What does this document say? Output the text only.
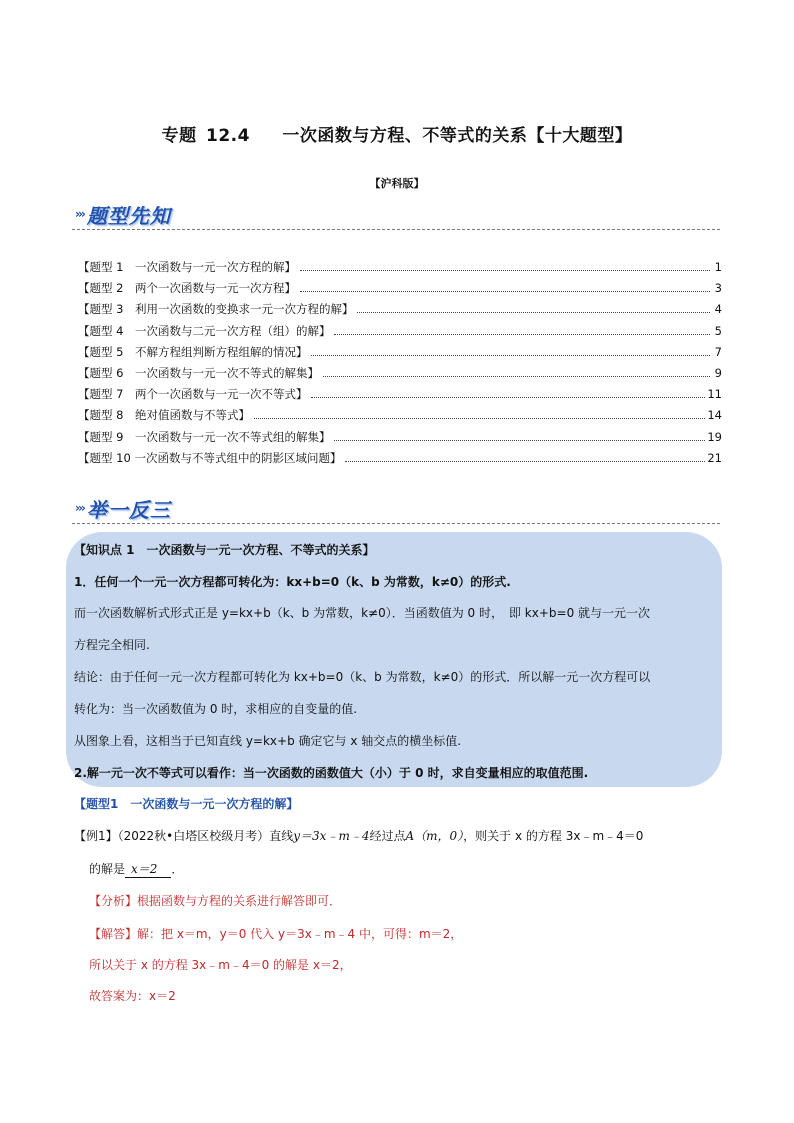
专题 12.4 一次函数与方程、不等式的关系【十大题型】
【沪科版】
››› 题型先知
【题型 1　一次函数与一元一次方程的解】	1
【题型 2　两个一次函数与一元一次方程】	3
【题型 3　利用一次函数的变换求一元一次方程的解】	4
【题型 4　一次函数与二元一次方程（组）的解】	5
【题型 5　不解方程组判断方程组解的情况】	7
【题型 6　一次函数与一元一次不等式的解集】	9
【题型 7　两个一次函数与一元一次不等式】	11
【题型 8　绝对值函数与不等式】	14
【题型 9　一次函数与一元一次不等式组的解集】	19
【题型 10 一次函数与不等式组中的阴影区域问题】	21
››› 举一反三
【知识点 1　一次函数与一元一次方程、不等式的关系】
1．任何一个一元一次方程都可转化为：kx+b=0（k、b 为常数，k≠0）的形式.
而一次函数解析式形式正是 y=kx+b（k、b 为常数，k≠0）．当函数值为 0 时，　即 kx+b=0 就与一元一次
方程完全相同.
结论：由于任何一元一次方程都可转化为 kx+b=0（k、b 为常数，k≠0）的形式．所以解一元一次方程可以
转化为：当一次函数值为 0 时，求相应的自变量的值.
从图象上看，这相当于已知直线 y=kx+b 确定它与 x 轴交点的横坐标值.
2.解一元一次不等式可以看作：当一次函数的函数值大（小）于 0 时，求自变量相应的取值范围.
【题型1　一次函数与一元一次方程的解】
【例1】（2022秋•白塔区校级月考）直线y＝3x﹣m﹣4经过点A（m，0），则关于 x 的方程 3x﹣m﹣4＝0
的解是 x＝2 ．
【分析】根据函数与方程的关系进行解答即可．
【解答】解：把 x＝m，y＝0 代入 y＝3x﹣m﹣4 中，可得：m＝2，
所以关于 x 的方程 3x﹣m﹣4＝0 的解是 x＝2，
故答案为：x＝2
